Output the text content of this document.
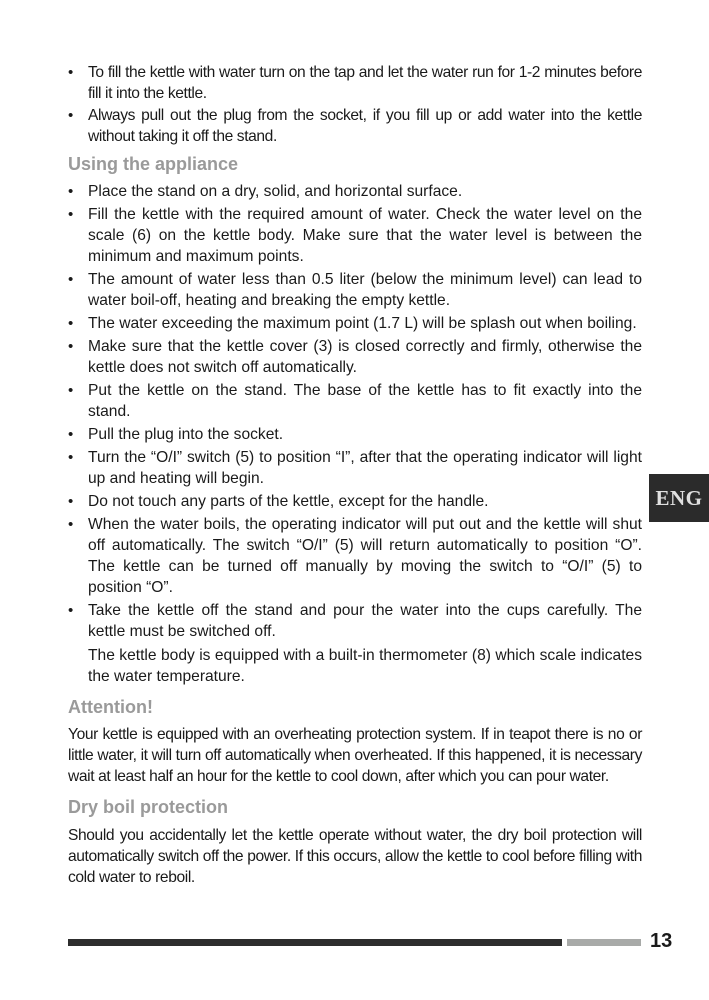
• To fill the kettle with water turn on the tap and let the water run for 1-2 minutes before fill it into the kettle.
• Always pull out the plug from the socket, if you fill up or add water into the kettle without taking it off the stand.
Using the appliance
• Place the stand on a dry, solid, and horizontal surface.
• Fill the kettle with the required amount of water. Check the water level on the scale (6) on the kettle body. Make sure that the water level is between the minimum and maximum points.
• The amount of water less than 0.5 liter (below the minimum level) can lead to water boil-off, heating and breaking the empty kettle.
• The water exceeding the maximum point (1.7 L) will be splash out when boiling.
• Make sure that the kettle cover (3) is closed correctly and firmly, otherwise the kettle does not switch off automatically.
• Put the kettle on the stand. The base of the kettle has to fit exactly into the stand.
• Pull the plug into the socket.
• Turn the “O/I” switch (5) to position “I”, after that the operating indicator will light up and heating will begin.
• Do not touch any parts of the kettle, except for the handle.
• When the water boils, the operating indicator will put out and the kettle will shut off automatically. The switch “O/I” (5) will return automatically to position “O”. The kettle can be turned off manually by moving the switch to “O/I” (5) to position “O”.
• Take the kettle off the stand and pour the water into the cups carefully. The kettle must be switched off.
The kettle body is equipped with a built-in thermometer (8) which scale indicates the water temperature.
Attention!
Your kettle is equipped with an overheating protection system. If in teapot there is no or little water, it will turn off automatically when overheated. If this happened, it is necessary wait at least half an hour for the kettle to cool down, after which you can pour water.
Dry boil protection
Should you accidentally let the kettle operate without water, the dry boil protection will automatically switch off the power. If this occurs, allow the kettle to cool before filling with cold water to reboil.
ENG
13
